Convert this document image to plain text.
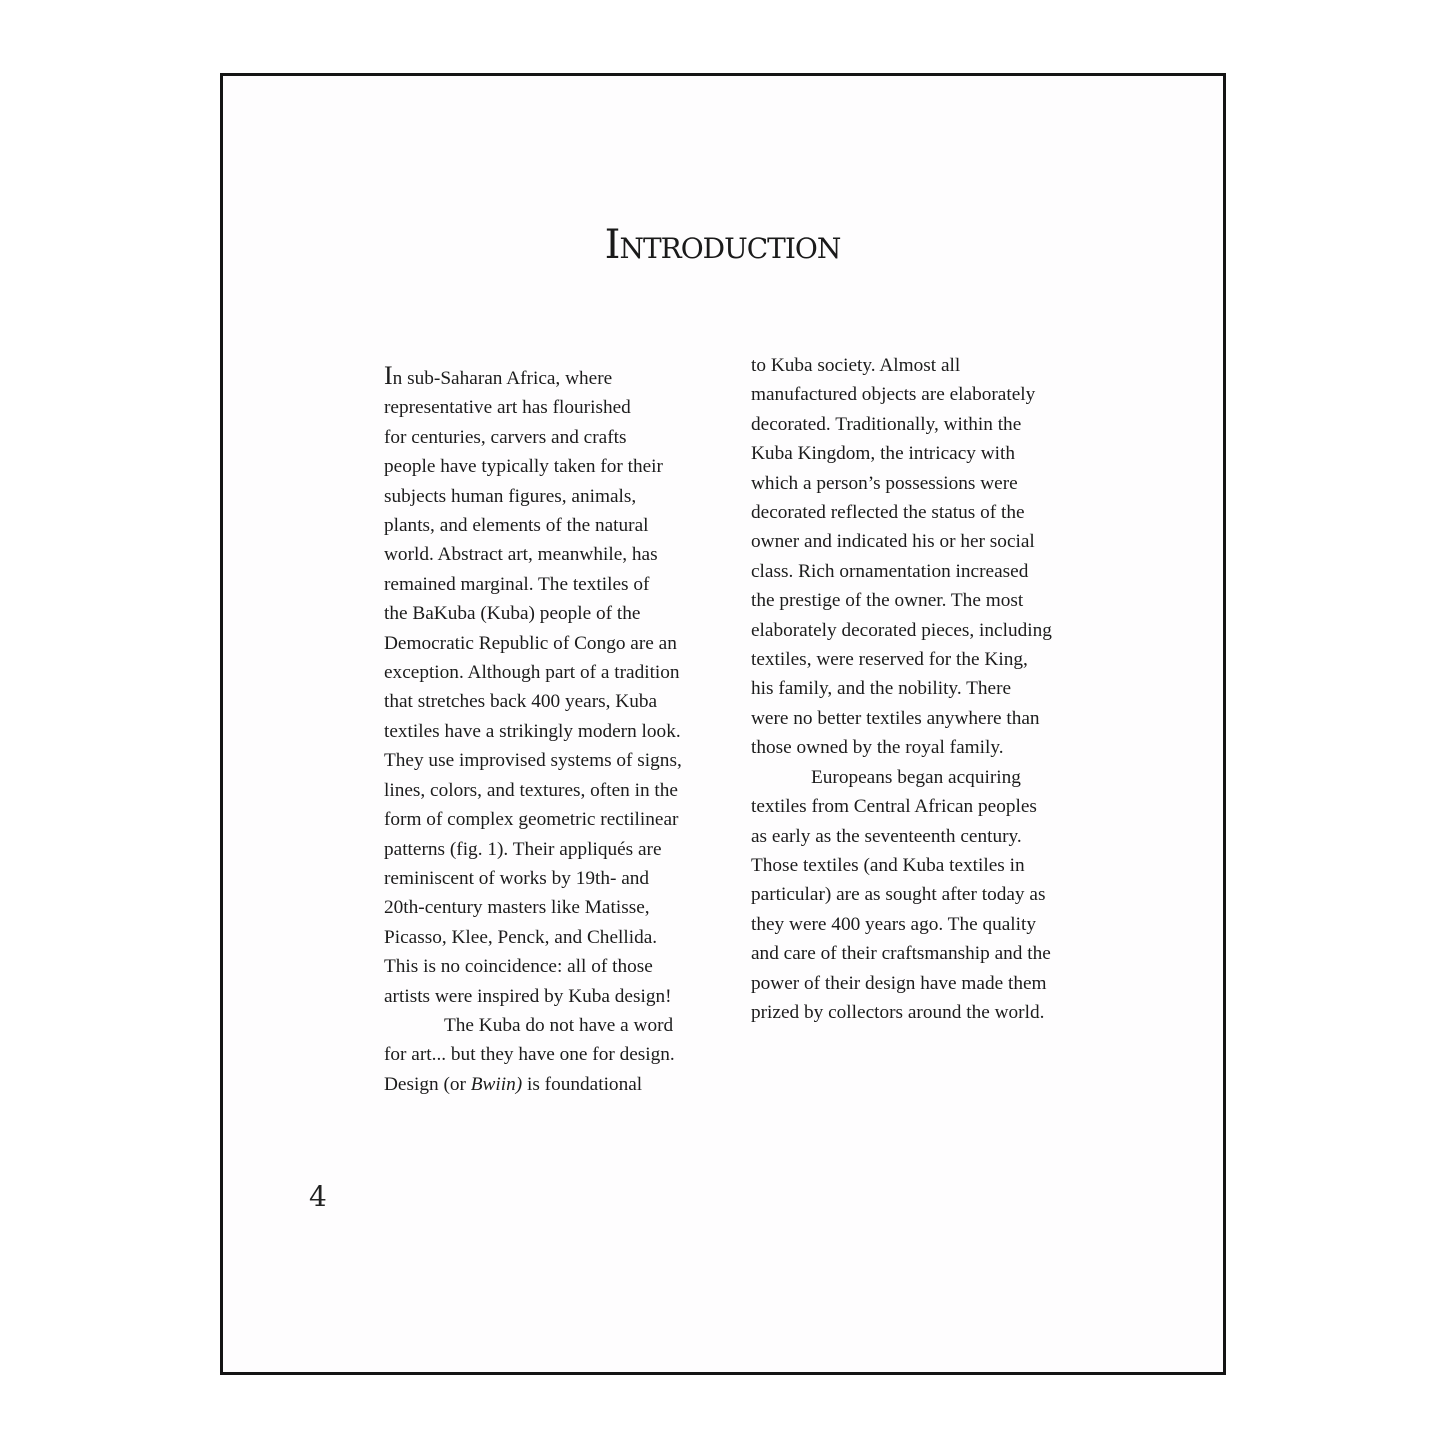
Introduction
In sub-Saharan Africa, where
representative art has flourished
for centuries, carvers and crafts
people have typically taken for their
subjects human figures, animals,
plants, and elements of the natural
world. Abstract art, meanwhile, has
remained marginal. The textiles of
the BaKuba (Kuba) people of the
Democratic Republic of Congo are an
exception. Although part of a tradition
that stretches back 400 years, Kuba
textiles have a strikingly modern look.
They use improvised systems of signs,
lines, colors, and textures, often in the
form of complex geometric rectilinear
patterns (fig. 1). Their appliqués are
reminiscent of works by 19th- and
20th-century masters like Matisse,
Picasso, Klee, Penck, and Chellida.
This is no coincidence: all of those
artists were inspired by Kuba design!
The Kuba do not have a word
for art... but they have one for design.
Design (or Bwiin) is foundational
to Kuba society. Almost all
manufactured objects are elaborately
decorated. Traditionally, within the
Kuba Kingdom, the intricacy with
which a person’s possessions were
decorated reflected the status of the
owner and indicated his or her social
class. Rich ornamentation increased
the prestige of the owner. The most
elaborately decorated pieces, including
textiles, were reserved for the King,
his family, and the nobility. There
were no better textiles anywhere than
those owned by the royal family.
Europeans began acquiring
textiles from Central African peoples
as early as the seventeenth century.
Those textiles (and Kuba textiles in
particular) are as sought after today as
they were 400 years ago. The quality
and care of their craftsmanship and the
power of their design have made them
prized by collectors around the world.
4
